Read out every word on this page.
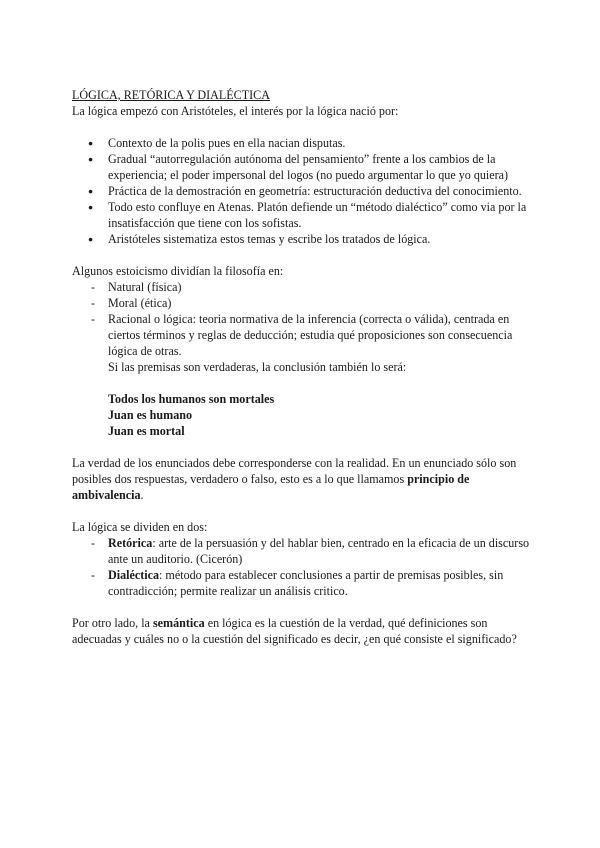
LÓGICA, RETÓRICA Y DIALÉCTICA

La lógica empezó con Aristóteles, el interés por la lógica nació por:

● Contexto de la polis pues en ella nacian disputas.
● Gradual “autorregulación autónoma del pensamiento” frente a los cambios de la experiencia; el poder impersonal del logos (no puedo argumentar lo que yo quiera)
● Práctica de la demostración en geometría: estructuración deductiva del conocimiento.
● Todo esto confluye en Atenas. Platón defiende un “método dialéctico” como via por la insatisfacción que tiene con los sofistas.
● Aristóteles sistematiza estos temas y escribe los tratados de lógica.

Algunos estoicismo dividían la filosofía en:

- Natural (física)
- Moral (ética)
- Racional o lógica: teoria normativa de la inferencia (correcta o válida), centrada en ciertos términos y reglas de deducción; estudia qué proposiciones son consecuencia lógica de otras.

Si las premisas son verdaderas, la conclusión también lo será:

Todos los humanos son mortales

Juan es humano

Juan es mortal

La verdad de los enunciados debe corresponderse con la realidad. En un enunciado sólo son posibles dos respuestas, verdadero o falso, esto es a lo que llamamos principio de ambivalencia.

La lógica se dividen en dos:

- Retórica: arte de la persuasión y del hablar bien, centrado en la eficacia de un discurso ante un auditorio. (Cicerón)
- Dialéctica: método para establecer conclusiones a partir de premisas posibles, sin contradicción; permite realizar un análisis critico.

Por otro lado, la semántica en lógica es la cuestión de la verdad, qué definiciones son adecuadas y cuáles no o la cuestión del significado es decir, ¿en qué consiste el significado?
